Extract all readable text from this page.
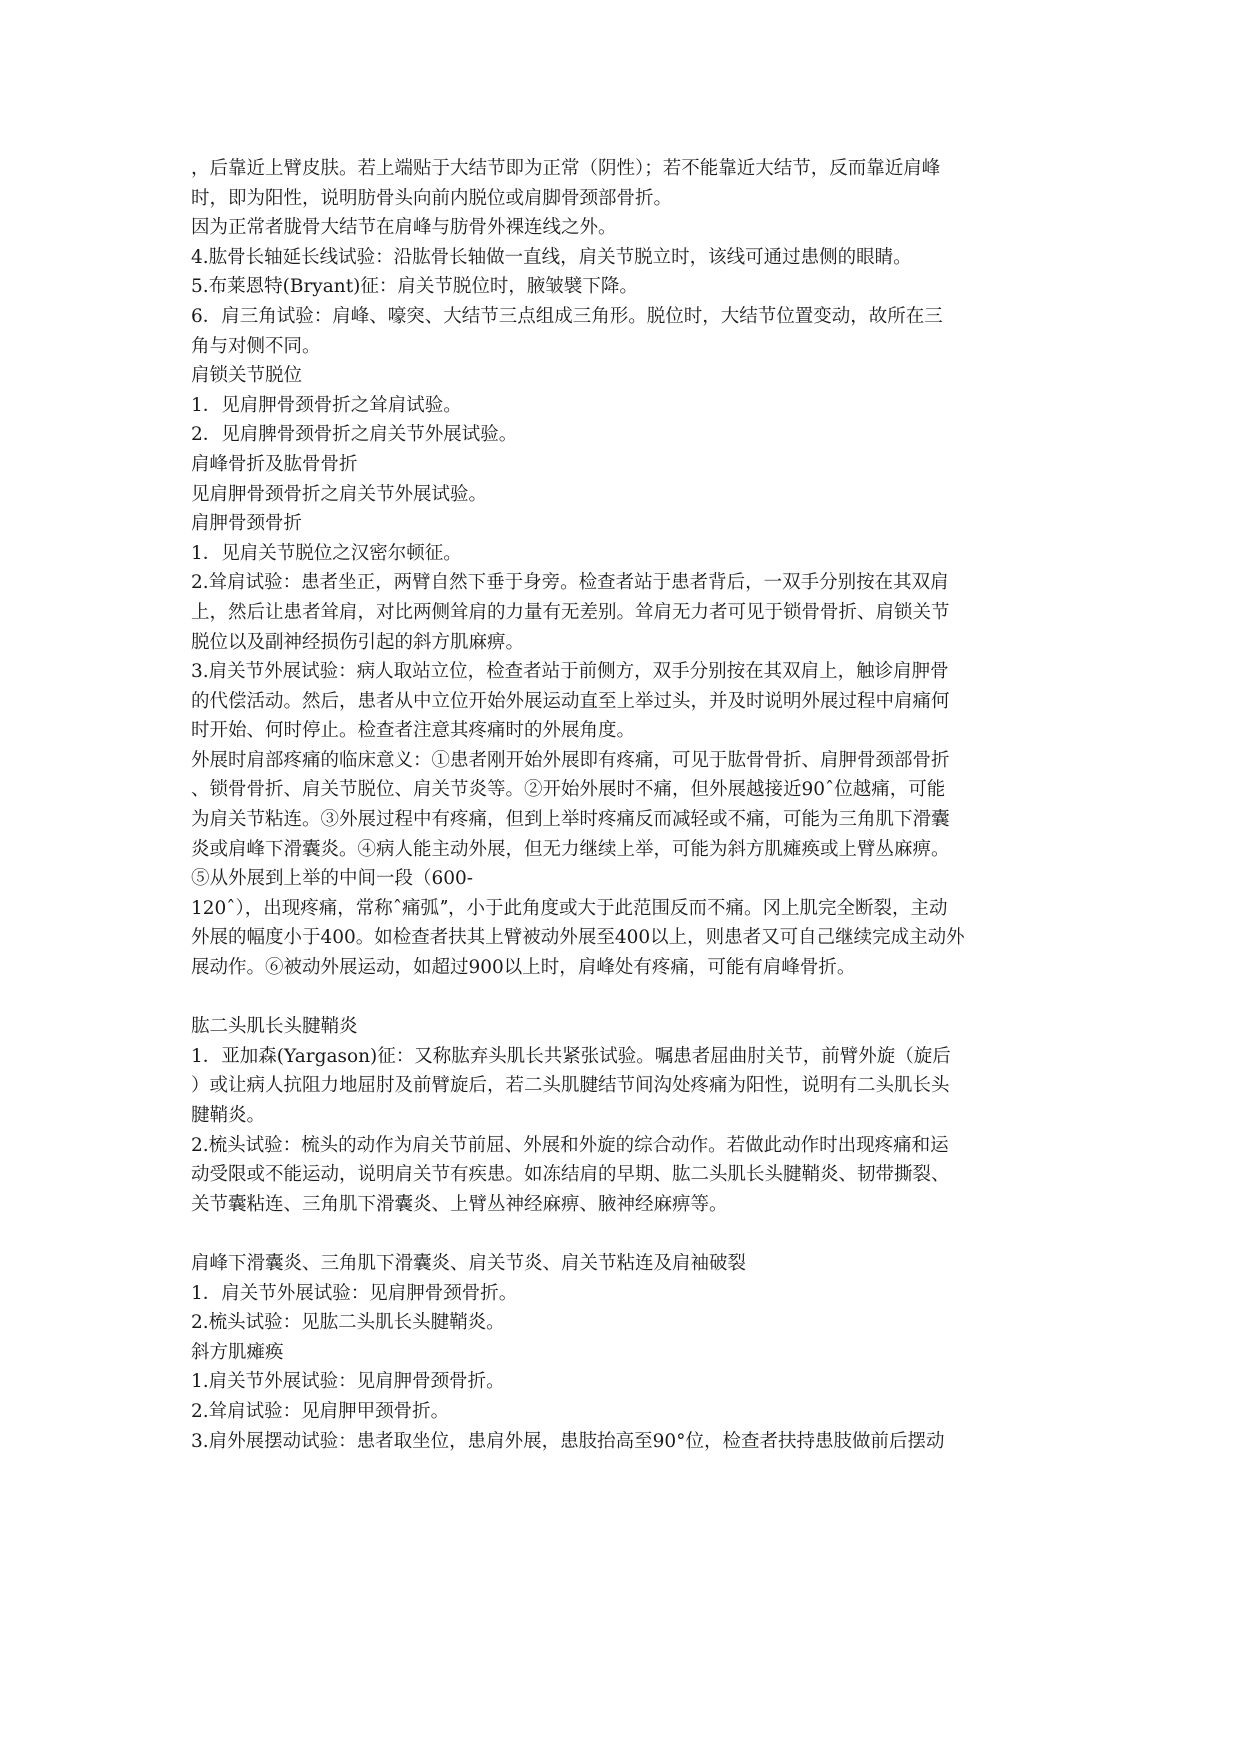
，后靠近上臂皮肤。若上端贴于大结节即为正常（阴性）；若不能靠近大结节，反而靠近肩峰
时，即为阳性，说明肪骨头向前内脱位或肩脚骨颈部骨折。
因为正常者胧骨大结节在肩峰与肪骨外裸连线之外。
4.肱骨长轴延长线试验：沿肱骨长轴做一直线，肩关节脱立时，该线可通过患侧的眼睛。
5.布莱恩特(Bryant)征：肩关节脱位时，腋皱襞下降。
6．肩三角试验：肩峰、嚎突、大结节三点组成三角形。脱位时，大结节位置变动，故所在三
角与对侧不同。
肩锁关节脱位
1．见肩胛骨颈骨折之耸肩试验。
2．见肩脾骨颈骨折之肩关节外展试验。
肩峰骨折及肱骨骨折
见肩胛骨颈骨折之肩关节外展试验。
肩胛骨颈骨折
1．见肩关节脱位之汉密尔顿征。
2.耸肩试验：患者坐正，两臂自然下垂于身旁。检查者站于患者背后，一双手分别按在其双肩
上，然后让患者耸肩，对比两侧耸肩的力量有无差别。耸肩无力者可见于锁骨骨折、肩锁关节
脱位以及副神经损伤引起的斜方肌麻痹。
3.肩关节外展试验：病人取站立位，检查者站于前侧方，双手分别按在其双肩上，触诊肩胛骨
的代偿活动。然后，患者从中立位开始外展运动直至上举过头，并及时说明外展过程中肩痛何
时开始、何时停止。检查者注意其疼痛时的外展角度。
外展时肩部疼痛的临床意义：①患者刚开始外展即有疼痛，可见于肱骨骨折、肩胛骨颈部骨折
、锁骨骨折、肩关节脱位、肩关节炎等。②开始外展时不痛，但外展越接近90ˆ位越痛，可能
为肩关节粘连。③外展过程中有疼痛，但到上举时疼痛反而减轻或不痛，可能为三角肌下滑囊
炎或肩峰下滑囊炎。④病人能主动外展，但无力继续上举，可能为斜方肌瘫痪或上臂丛麻痹。
⑤从外展到上举的中间一段（600-
120ˆ），出现疼痛，常称ˆ痛弧ˮ，小于此角度或大于此范围反而不痛。冈上肌完全断裂，主动
外展的幅度小于400。如检查者扶其上臂被动外展至400以上，则患者又可自己继续完成主动外
展动作。⑥被动外展运动，如超过900以上时，肩峰处有疼痛，可能有肩峰骨折。
肱二头肌长头腱鞘炎
1．亚加森(Yargason)征：又称肱弃头肌长共紧张试验。嘱患者屈曲肘关节，前臂外旋（旋后
）或让病人抗阻力地屈肘及前臂旋后，若二头肌腱结节间沟处疼痛为阳性，说明有二头肌长头
腱鞘炎。
2.梳头试验：梳头的动作为肩关节前屈、外展和外旋的综合动作。若做此动作时出现疼痛和运
动受限或不能运动，说明肩关节有疾患。如冻结肩的早期、肱二头肌长头腱鞘炎、韧带撕裂、
关节囊粘连、三角肌下滑囊炎、上臂丛神经麻痹、腋神经麻痹等。
肩峰下滑囊炎、三角肌下滑囊炎、肩关节炎、肩关节粘连及肩袖破裂
1．肩关节外展试验：见肩胛骨颈骨折。
2.梳头试验：见肱二头肌长头腱鞘炎。
斜方肌瘫痪
1.肩关节外展试验：见肩胛骨颈骨折。
2.耸肩试验：见肩胛甲颈骨折。
3.肩外展摆动试验：患者取坐位，患肩外展，患肢抬高至90°位，检查者扶持患肢做前后摆动
